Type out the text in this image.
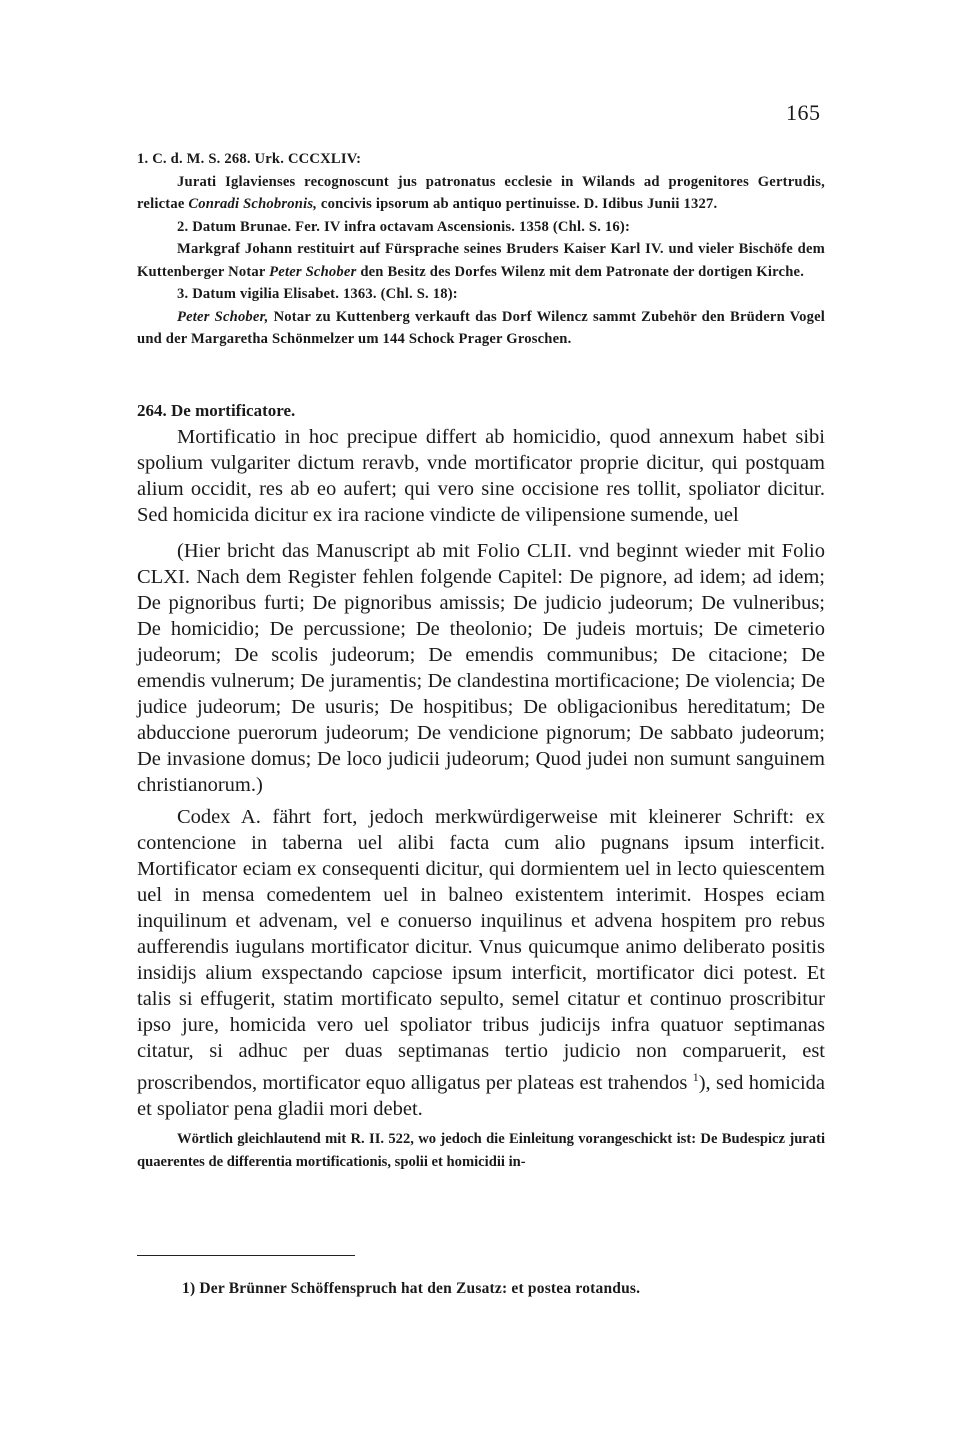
165

1. C. d. M. S. 268. Urk. CCCXLIV:

Jurati Iglavienses recognoscunt jus patronatus ecclesie in Wilands ad progenitores Gertrudis, relictae Conradi Schobronis, concivis ipsorum ab antiquo pertinuisse. D. Idibus Junii 1327.

2. Datum Brunae. Fer. IV infra octavam Ascensionis. 1358 (Chl. S. 16):

Markgraf Johann restituirt auf Fürsprache seines Bruders Kaiser Karl IV. und vieler Bischöfe dem Kuttenberger Notar Peter Schober den Besitz des Dorfes Wilenz mit dem Patronate der dortigen Kirche.

3. Datum vigilia Elisabet. 1363. (Chl. S. 18):

Peter Schober, Notar zu Kuttenberg verkauft das Dorf Wilencz sammt Zubehör den Brüdern Vogel und der Margaretha Schönmelzer um 144 Schock Prager Groschen.

264. De mortificatore.

Mortificatio in hoc precipue differt ab homicidio, quod annexum habet sibi spolium vulgariter dictum reravb, vnde mortificator proprie dicitur, qui postquam alium occidit, res ab eo aufert; qui vero sine occisione res tollit, spoliator dicitur. Sed homicida dicitur ex ira racione vindicte de vilipensione sumende, uel

(Hier bricht das Manuscript ab mit Folio CLII. vnd beginnt wieder mit Folio CLXI. Nach dem Register fehlen folgende Capitel: De pignore, ad idem; ad idem; De pignoribus furti; De pignoribus amissis; De judicio judeorum; De vulneribus; De homicidio; De percussione; De theolonio; De judeis mortuis; De cimeterio judeorum; De scolis judeorum; De emendis communibus; De citacione; De emendis vulnerum; De juramentis; De clandestina mortificacione; De violencia; De judice judeorum; De usuris; De hospitibus; De obligacionibus hereditatum; De abduccione puerorum judeorum; De vendicione pignorum; De sabbato judeorum; De invasione domus; De loco judicii judeorum; Quod judei non sumunt sanguinem christianorum.)

Codex A. fährt fort, jedoch merkwürdigerweise mit kleinerer Schrift: ex contencione in taberna uel alibi facta cum alio pugnans ipsum interficit. Mortificator eciam ex consequenti dicitur, qui dormientem uel in lecto quiescentem uel in mensa comedentem uel in balneo existentem interimit. Hospes eciam inquilinum et advenam, vel e conuerso inquilinus et advena hospitem pro rebus aufferendis iugulans mortificator dicitur. Vnus quicumque animo deliberato positis insidijs alium exspectando capciose ipsum interficit, mortificator dici potest. Et talis si effugerit, statim mortificato sepulto, semel citatur et continuo proscribitur ipso jure, homicida vero uel spoliator tribus judicijs infra quatuor septimanas citatur, si adhuc per duas septimanas tertio judicio non comparuerit, est proscribendos, mortificator equo alligatus per plateas est trahendos $^1$), sed homicida et spoliator pena gladii mori debet.

Wörtlich gleichlautend mit R. II. 522, wo jedoch die Einleitung vorangeschickt ist: De Budespicz jurati quaerentes de differentia mortificationis, spolii et homicidii in-

1) Der Brünner Schöffenspruch hat den Zusatz: et postea rotandus.
